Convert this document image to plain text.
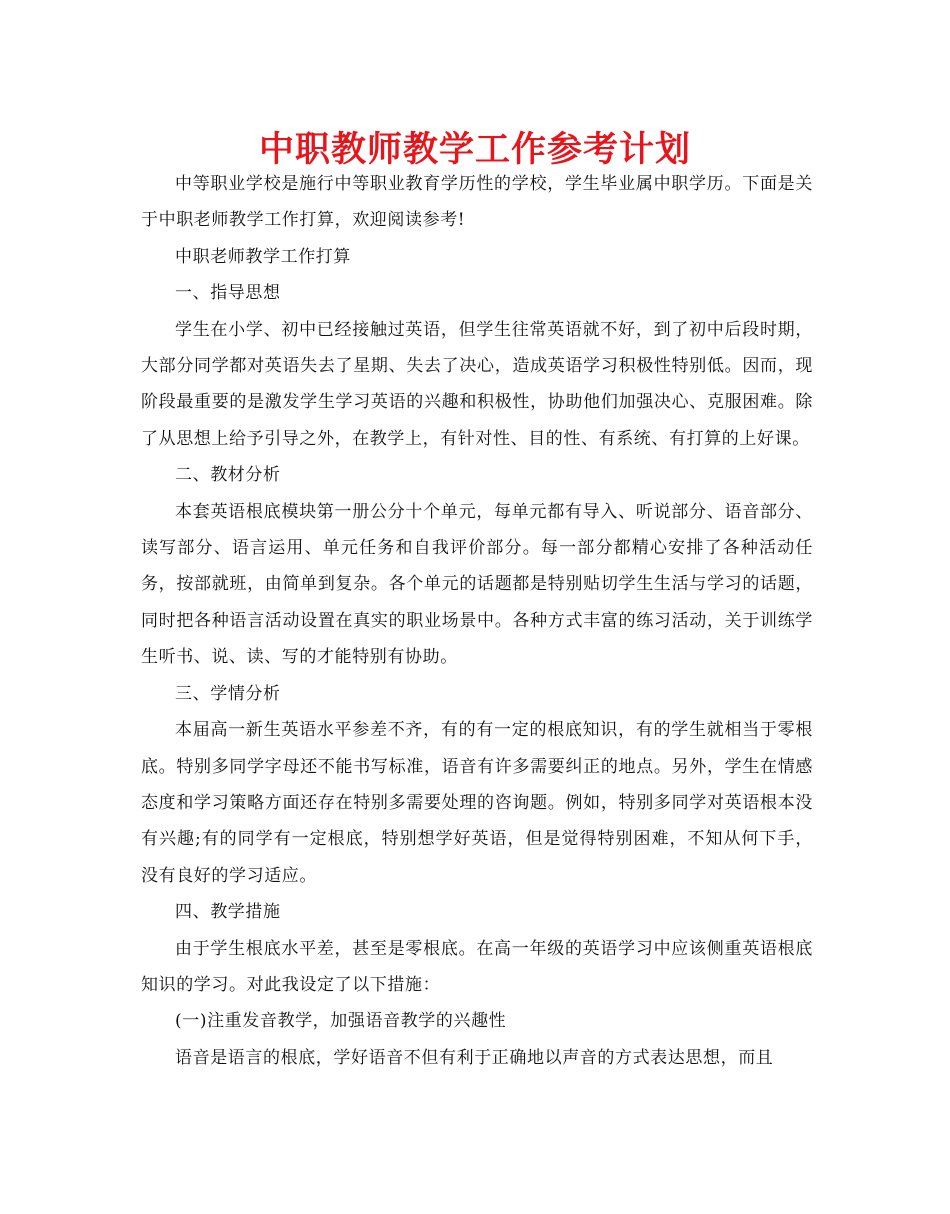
中职教师教学工作参考计划

中等职业学校是施行中等职业教育学历性的学校，学生毕业属中职学历。下面是关于中职老师教学工作打算，欢迎阅读参考!

中职老师教学工作打算

一、指导思想

学生在小学、初中已经接触过英语，但学生往常英语就不好，到了初中后段时期，大部分同学都对英语失去了星期、失去了决心，造成英语学习积极性特别低。因而，现阶段最重要的是激发学生学习英语的兴趣和积极性，协助他们加强决心、克服困难。除了从思想上给予引导之外，在教学上，有针对性、目的性、有系统、有打算的上好课。

二、教材分析

本套英语根底模块第一册公分十个单元，每单元都有导入、听说部分、语音部分、读写部分、语言运用、单元任务和自我评价部分。每一部分都精心安排了各种活动任务，按部就班，由简单到复杂。各个单元的话题都是特别贴切学生生活与学习的话题，同时把各种语言活动设置在真实的职业场景中。各种方式丰富的练习活动，关于训练学生听书、说、读、写的才能特别有协助。

三、学情分析

本届高一新生英语水平参差不齐，有的有一定的根底知识，有的学生就相当于零根底。特别多同学字母还不能书写标准，语音有许多需要纠正的地点。另外，学生在情感态度和学习策略方面还存在特别多需要处理的咨询题。例如，特别多同学对英语根本没有兴趣;有的同学有一定根底，特别想学好英语，但是觉得特别困难，不知从何下手，没有良好的学习适应。

四、教学措施

由于学生根底水平差，甚至是零根底。在高一年级的英语学习中应该侧重英语根底知识的学习。对此我设定了以下措施：

(一)注重发音教学，加强语音教学的兴趣性

语音是语言的根底，学好语音不但有利于正确地以声音的方式表达思想，而且
